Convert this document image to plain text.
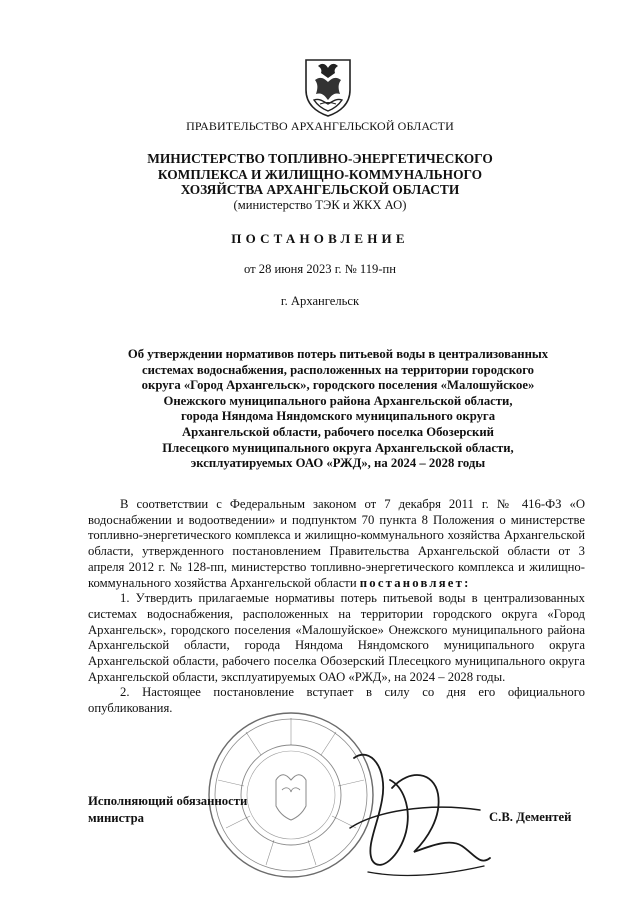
ПРАВИТЕЛЬСТВО АРХАНГЕЛЬСКОЙ ОБЛАСТИ
МИНИСТЕРСТВО ТОПЛИВНО-ЭНЕРГЕТИЧЕСКОГО
КОМПЛЕКСА И ЖИЛИЩНО-КОММУНАЛЬНОГО
ХОЗЯЙСТВА АРХАНГЕЛЬСКОЙ ОБЛАСТИ
(министерство ТЭК и ЖКХ АО)
ПОСТАНОВЛЕНИЕ
от 28 июня 2023 г. № 119-пн
г. Архангельск
Об утверждении нормативов потерь питьевой воды в централизованных
системах водоснабжения, расположенных на территории городского
округа «Город Архангельск», городского поселения «Малошуйское»
Онежского муниципального района Архангельской области,
города Няндома Няндомского муниципального округа
Архангельской области, рабочего поселка Обозерский
Плесецкого муниципального округа Архангельской области,
эксплуатируемых ОАО «РЖД», на 2024 – 2028 годы

В соответствии с Федеральным законом от 7 декабря 2011 г. № 416-ФЗ «О водоснабжении и водоотведении» и подпунктом 70 пункта 8 Положения о министерстве топливно-энергетического комплекса и жилищно-коммунального хозяйства Архангельской области, утвержденного постановлением Правительства Архангельской области от 3 апреля 2012 г. № 128-пп, министерство топливно-энергетического комплекса и жилищно-коммунального хозяйства Архангельской области постановляет:

1. Утвердить прилагаемые нормативы потерь питьевой воды в централизованных системах водоснабжения, расположенных на территории городского округа «Город Архангельск», городского поселения «Малошуйское» Онежского муниципального района Архангельской области, города Няндома Няндомского муниципального округа Архангельской области, рабочего поселка Обозерский Плесецкого муниципального округа Архангельской области, эксплуатируемых ОАО «РЖД», на 2024 – 2028 годы.

2. Настоящее постановление вступает в силу со дня его официального опубликования.

Исполняющий обязанности
министра	С.В. Дементей
